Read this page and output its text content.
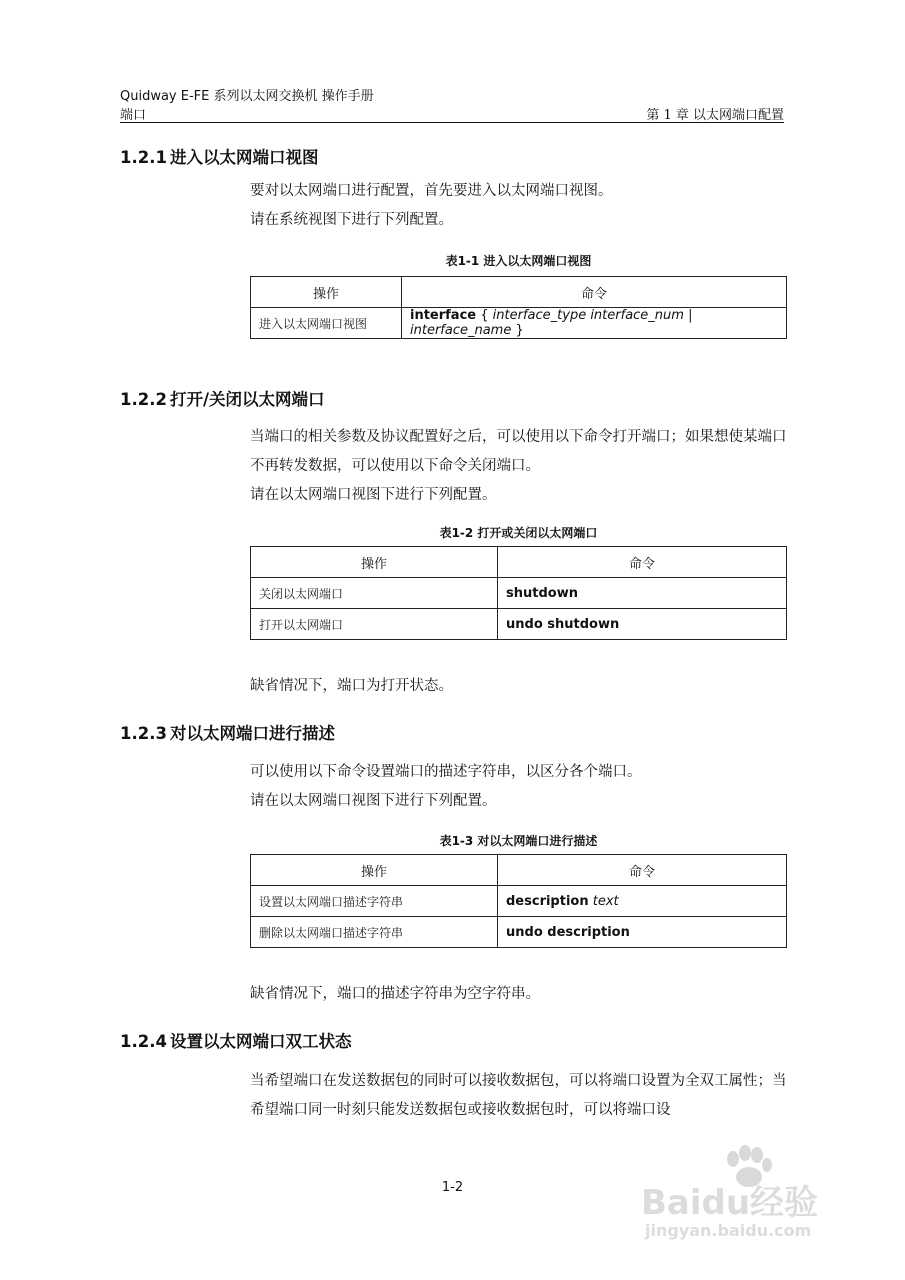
Quidway E-FE 系列以太网交换机 操作手册
端口	第 1 章 以太网端口配置
1.2.1 进入以太网端口视图
要对以太网端口进行配置，首先要进入以太网端口视图。
请在系统视图下进行下列配置。
表1-1 进入以太网端口视图
操作	命令
进入以太网端口视图	interface { interface_type interface_num | interface_name }
1.2.2 打开/关闭以太网端口
当端口的相关参数及协议配置好之后，可以使用以下命令打开端口；如果想使某端口不再转发数据，可以使用以下命令关闭端口。
请在以太网端口视图下进行下列配置。
表1-2 打开或关闭以太网端口
操作	命令
关闭以太网端口	shutdown
打开以太网端口	undo shutdown
缺省情况下，端口为打开状态。
1.2.3 对以太网端口进行描述
可以使用以下命令设置端口的描述字符串，以区分各个端口。
请在以太网端口视图下进行下列配置。
表1-3 对以太网端口进行描述
操作	命令
设置以太网端口描述字符串	description text
删除以太网端口描述字符串	undo description
缺省情况下，端口的描述字符串为空字符串。
1.2.4 设置以太网端口双工状态
当希望端口在发送数据包的同时可以接收数据包，可以将端口设置为全双工属性；当希望端口同一时刻只能发送数据包或接收数据包时，可以将端口设
1-2	Baidu经验
jingyan.baidu.com
